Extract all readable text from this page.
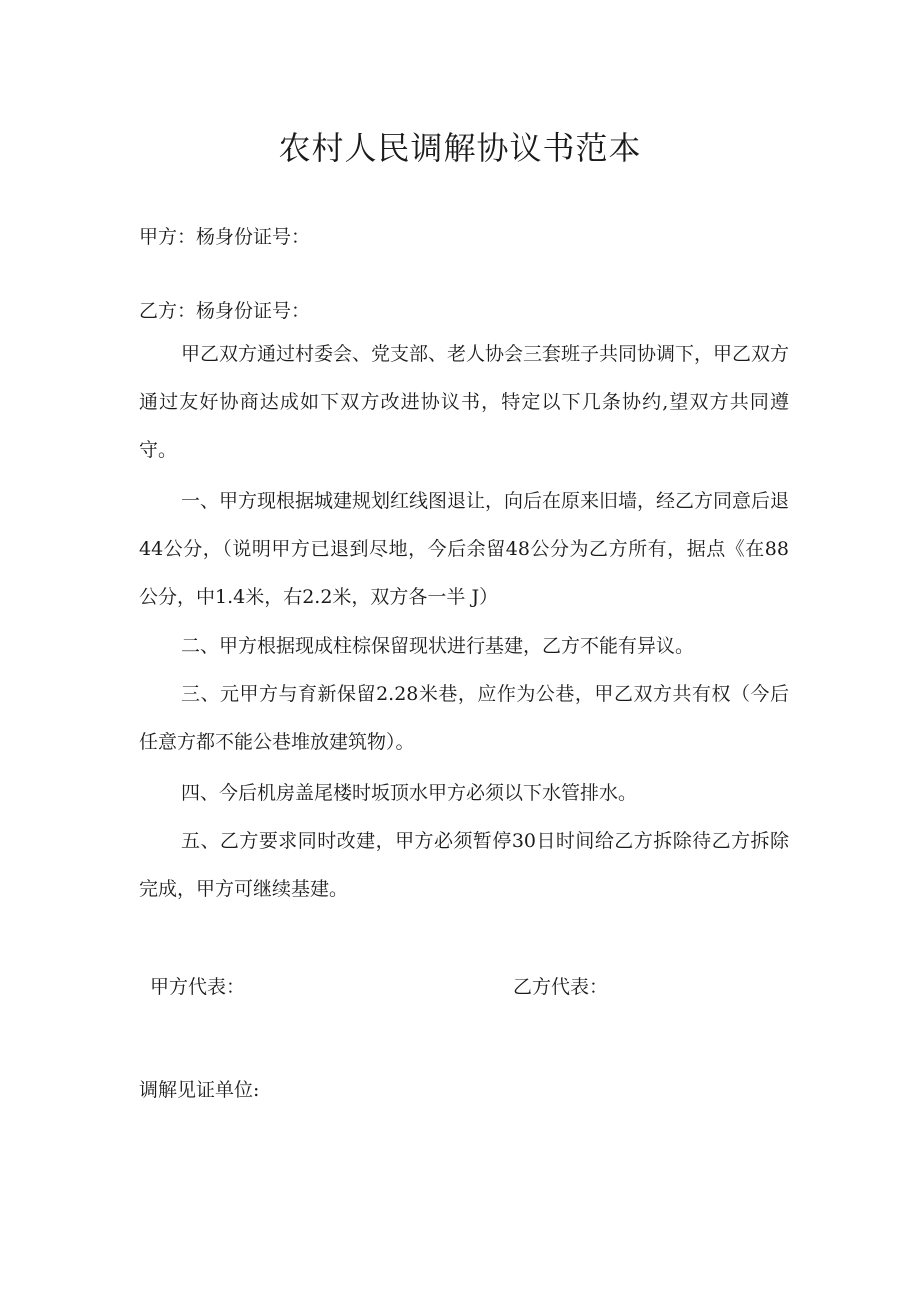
农村人民调解协议书范本

甲方：杨身份证号：

乙方：杨身份证号：

甲乙双方通过村委会、党支部、老人协会三套班子共同协调下，甲乙双方通过友好协商达成如下双方改进协议书，特定以下几条协约,望双方共同遵守。

一、甲方现根据城建规划红线图退让，向后在原来旧墙，经乙方同意后退44公分，（说明甲方已退到尽地，今后余留48公分为乙方所有，据点《在88公分，中1.4米，右2.2米，双方各一半 J）

二、甲方根据现成柱棕保留现状进行基建，乙方不能有异议。

三、元甲方与育新保留2.28米巷，应作为公巷，甲乙双方共有权（今后任意方都不能公巷堆放建筑物）。

四、今后机房盖尾楼时坂顶水甲方必须以下水管排水。

五、乙方要求同时改建，甲方必须暂停30日时间给乙方拆除待乙方拆除完成，甲方可继续基建。

甲方代表：	乙方代表：

调解见证单位:
